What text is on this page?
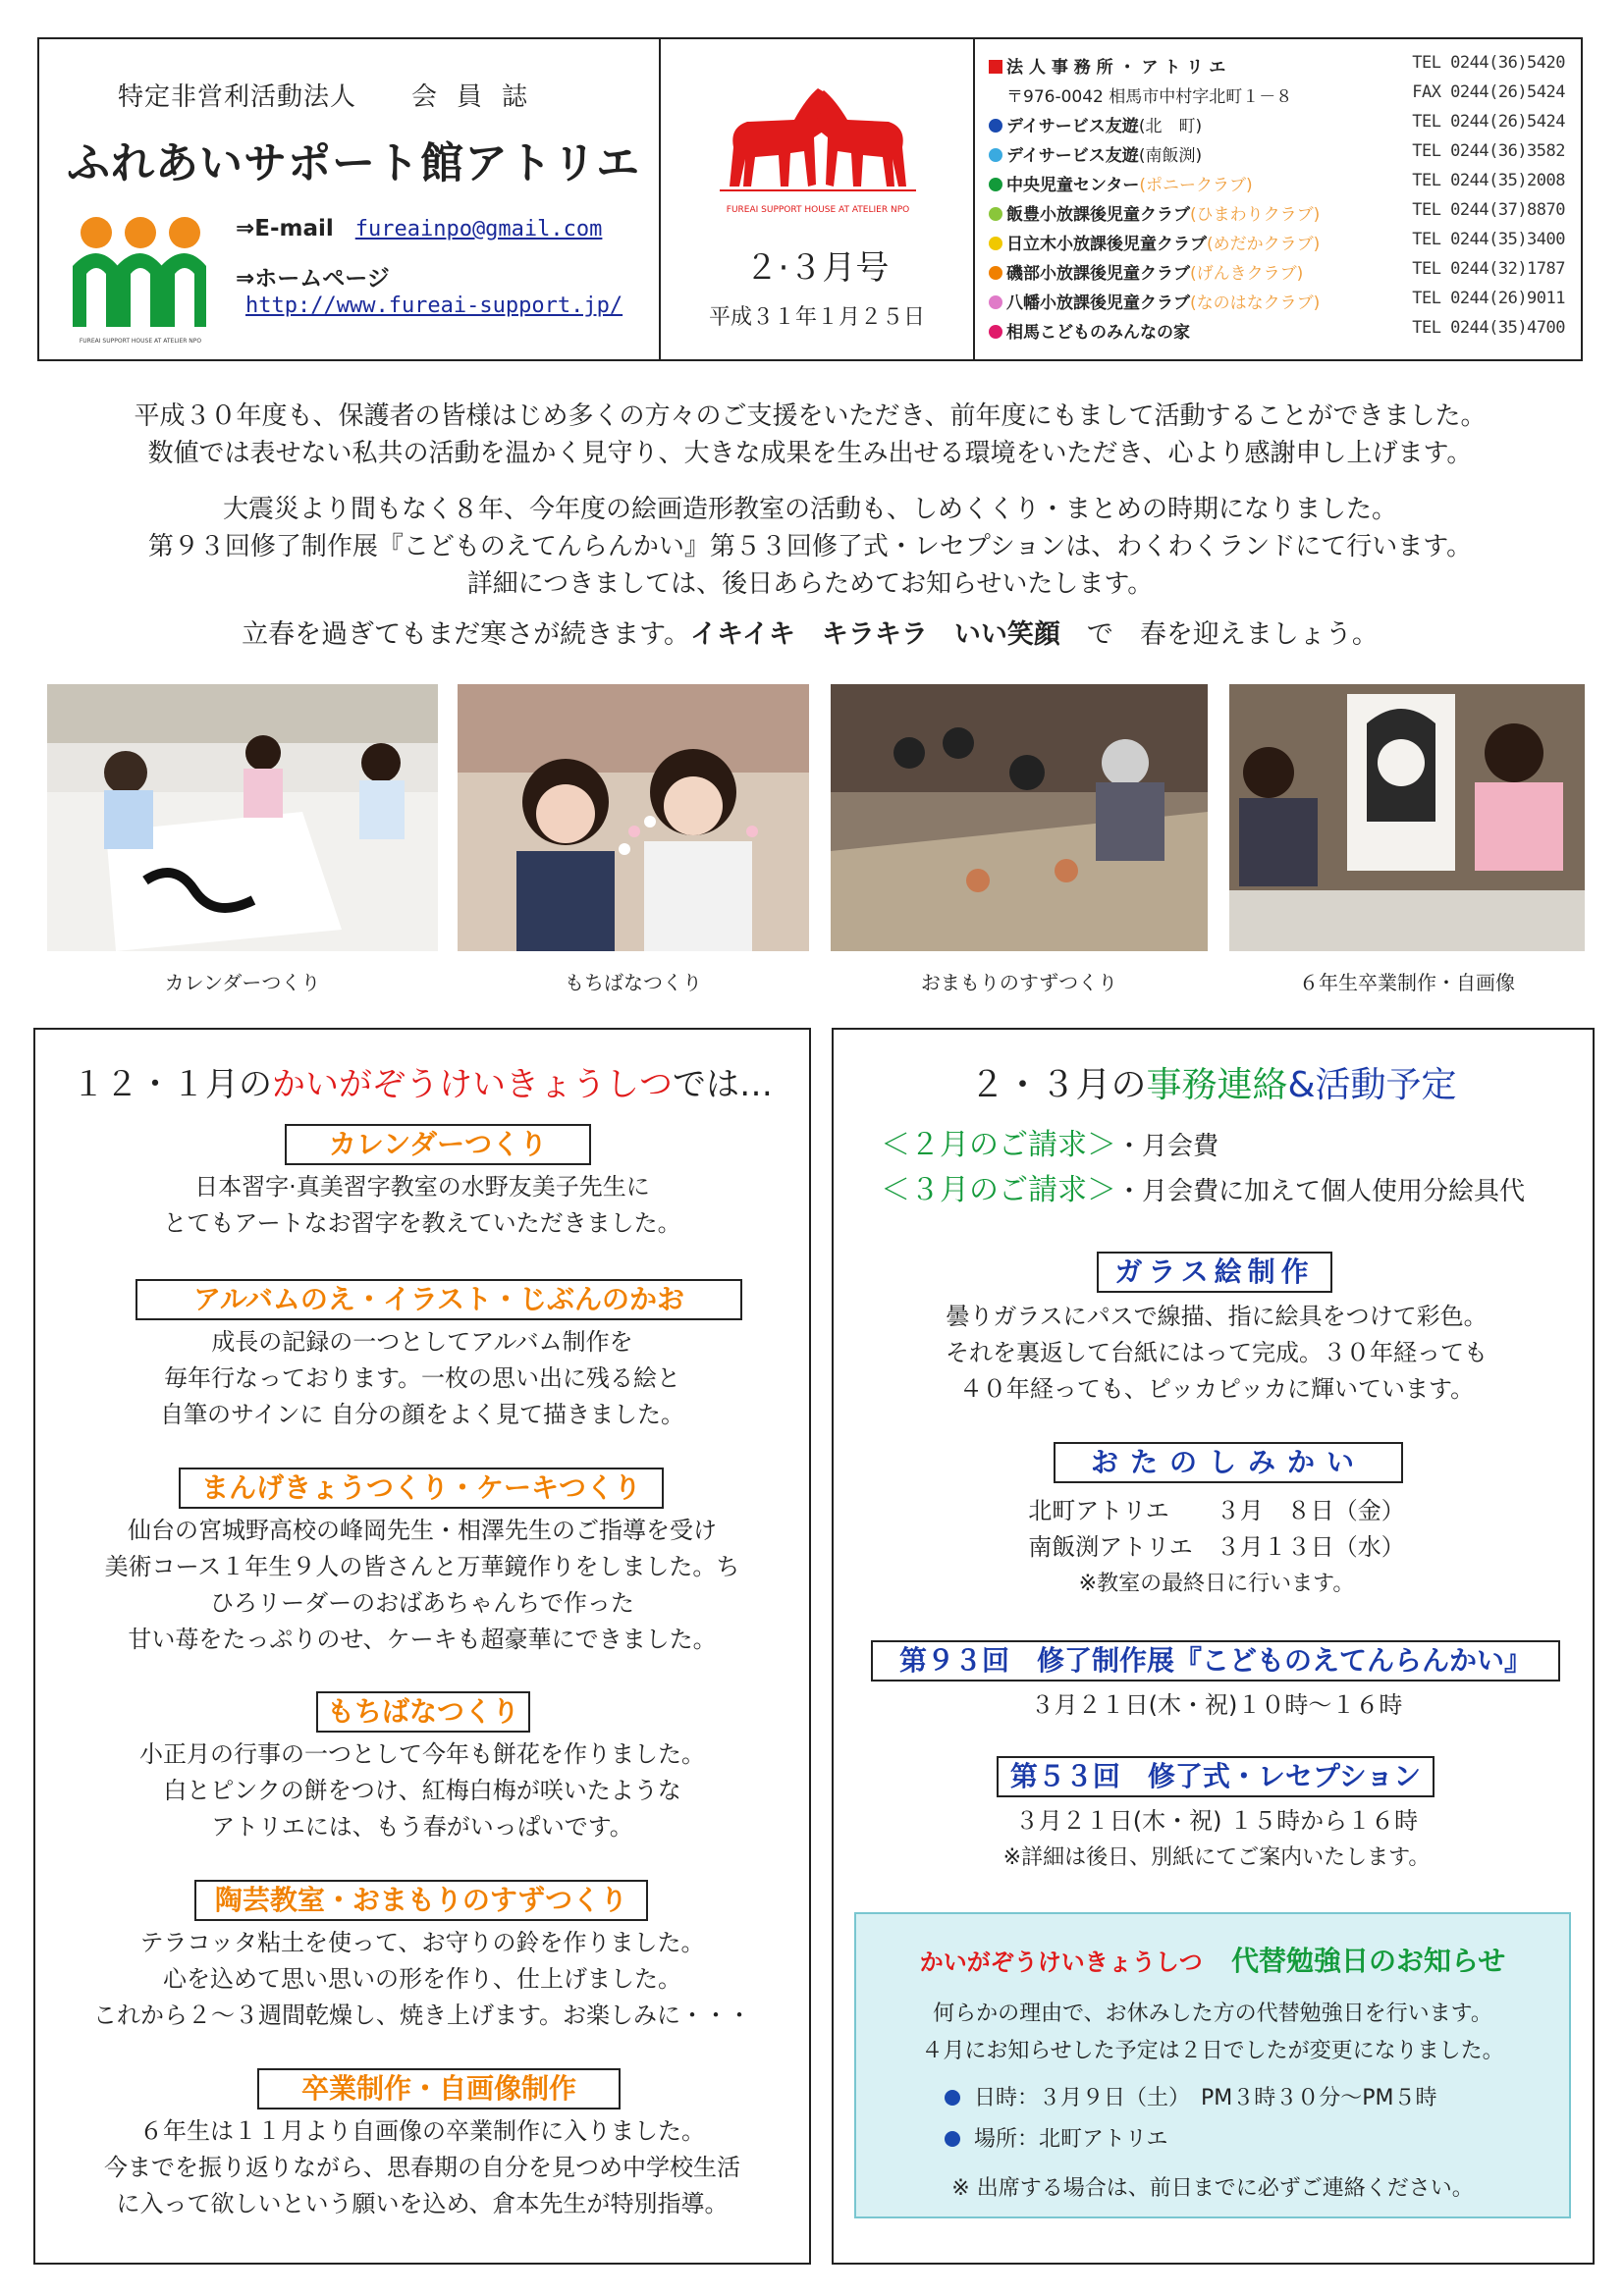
特定非営利活動法人 会員誌
ふれあいサポート館アトリエ
FUREAI SUPPORT HOUSE AT ATELIER NPO
⇒E-mail fureainpo@gmail.com
⇒ホームページ
http://www.fureai-support.jp/
FUREAI SUPPORT HOUSE AT ATELIER NPO
２·３月号
平成３１年１月２５日
法 人 事 務 所 ・ ア ト リ エ	TEL 0244(36)5420
〒976-0042 相馬市中村字北町１－８	FAX 0244(26)5424
デイサービス友遊(北　町)	TEL 0244(26)5424
デイサービス友遊(南飯渕)	TEL 0244(36)3582
中央児童センター(ポニークラブ)	TEL 0244(35)2008
飯豊小放課後児童クラブ(ひまわりクラブ)	TEL 0244(37)8870
日立木小放課後児童クラブ(めだかクラブ)	TEL 0244(35)3400
磯部小放課後児童クラブ(げんきクラブ)	TEL 0244(32)1787
八幡小放課後児童クラブ(なのはなクラブ)	TEL 0244(26)9011
相馬こどものみんなの家	TEL 0244(35)4700
平成３０年度も、保護者の皆様はじめ多くの方々のご支援をいただき、前年度にもまして活動することができました。
数値では表せない私共の活動を温かく見守り、大きな成果を生み出せる環境をいただき、心より感謝申し上げます。
大震災より間もなく８年、今年度の絵画造形教室の活動も、しめくくり・まとめの時期になりました。
第９３回修了制作展『こどものえてんらんかい』第５３回修了式・レセプションは、わくわくランドにて行います。
詳細につきましては、後日あらためてお知らせいたします。
立春を過ぎてもまだ寒さが続きます。イキイキ　キラキラ　いい笑顔　で　春を迎えましょう。
カレンダーつくり	もちばなつくり	おまもりのすずつくり	６年生卒業制作・自画像
１２・１月のかいがぞうけいきょうしつでは…
カレンダーつくり
日本習字·真美習字教室の水野友美子先生に
とてもアートなお習字を教えていただきました。
アルバムのえ・イラスト・じぶんのかお
成長の記録の一つとしてアルバム制作を
毎年行なっております。一枚の思い出に残る絵と
自筆のサインに 自分の顔をよく見て描きました。
まんげきょうつくり・ケーキつくり
仙台の宮城野高校の峰岡先生・相澤先生のご指導を受け
美術コース１年生９人の皆さんと万華鏡作りをしました。ち
ひろリーダーのおばあちゃんちで作った
甘い苺をたっぷりのせ、ケーキも超豪華にできました。
もちばなつくり
小正月の行事の一つとして今年も餅花を作りました。
白とピンクの餅をつけ、紅梅白梅が咲いたような
アトリエには、もう春がいっぱいです。
陶芸教室・おまもりのすずつくり
テラコッタ粘土を使って、お守りの鈴を作りました。
心を込めて思い思いの形を作り、仕上げました。
これから２～３週間乾燥し、焼き上げます。お楽しみに・・・
卒業制作・自画像制作
６年生は１１月より自画像の卒業制作に入りました。
今までを振り返りながら、思春期の自分を見つめ中学校生活
に入って欲しいという願いを込め、倉本先生が特別指導。
２・３月の事務連絡&活動予定
＜２月のご請求＞・月会費
＜３月のご請求＞・月会費に加えて個人使用分絵具代
ガラス絵制作
曇りガラスにパスで線描、指に絵具をつけて彩色。
それを裏返して台紙にはって完成。３０年経っても
４０年経っても、ピッカピッカに輝いています。
おたのしみかい
北町アトリエ　　３月　８日（金）
南飯渕アトリエ　３月１３日（水）
※教室の最終日に行います。
第９３回　修了制作展『こどものえてんらんかい』
３月２１日(木・祝)１０時～１６時
第５３回　修了式・レセプション
３月２１日(木・祝) １５時から１６時
※詳細は後日、別紙にてご案内いたします。
かいがぞうけいきょうしつ 代替勉強日のお知らせ
何らかの理由で、お休みした方の代替勉強日を行います。
４月にお知らせした予定は２日でしたが変更になりました。
日時：３月９日（土）　PM３時３０分～PM５時
場所：北町アトリエ
※ 出席する場合は、前日までに必ずご連絡ください。
